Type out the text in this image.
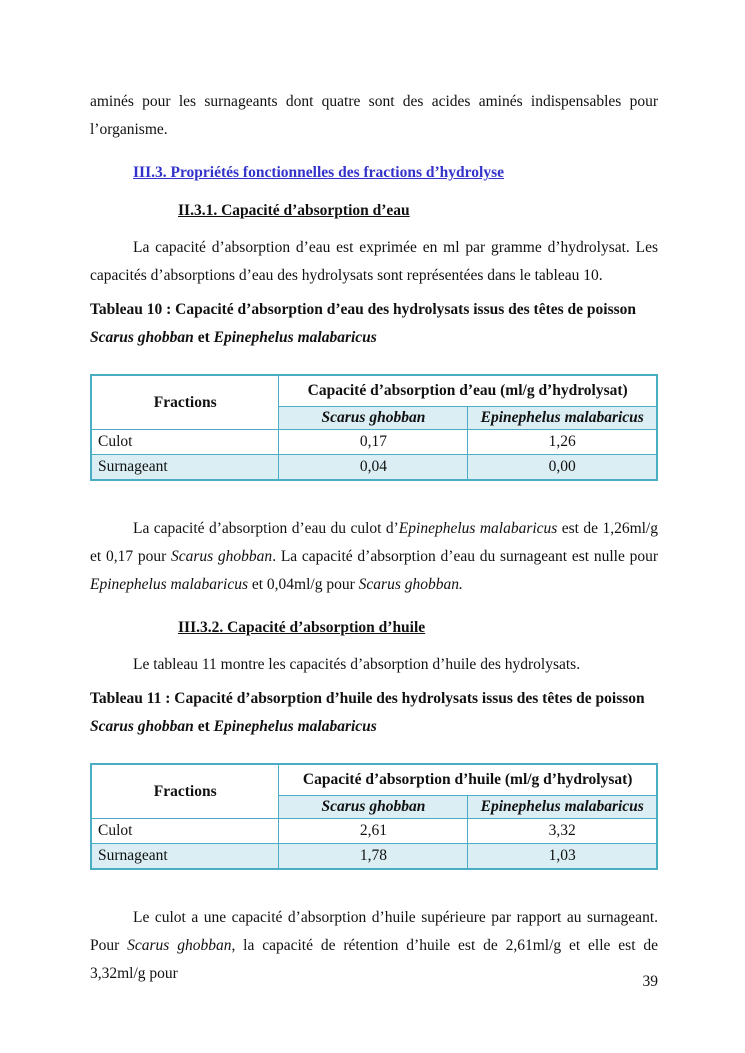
aminés pour les surnageants dont quatre sont des acides aminés indispensables pour l’organisme.

III.3. Propriétés fonctionnelles des fractions d’hydrolyse
II.3.1. Capacité d’absorption d’eau

La capacité d’absorption d’eau est exprimée en ml par gramme d’hydrolysat. Les capacités d’absorptions d’eau des hydrolysats sont représentées dans le tableau 10.

Tableau 10 : Capacité d’absorption d’eau des hydrolysats issus des têtes de poisson Scarus ghobban et Epinephelus malabaricus

Fractions	Capacité d’absorption d’eau (ml/g d’hydrolysat)	
	Scarus ghobban	Epinephelus malabaricus
Culot	0,17	1,26
Surnageant	0,04	0,00

La capacité d’absorption d’eau du culot d’Epinephelus malabaricus est de 1,26ml/g et 0,17 pour Scarus ghobban. La capacité d’absorption d’eau du surnageant est nulle pour Epinephelus malabaricus et 0,04ml/g pour Scarus ghobban.

III.3.2. Capacité d’absorption d’huile

Le tableau 11 montre les capacités d’absorption d’huile des hydrolysats.

Tableau 11 : Capacité d’absorption d’huile des hydrolysats issus des têtes de poisson Scarus ghobban et Epinephelus malabaricus

Fractions	Capacité d’absorption d’huile (ml/g d’hydrolysat)	
	Scarus ghobban	Epinephelus malabaricus
Culot	2,61	3,32
Surnageant	1,78	1,03

Le culot a une capacité d’absorption d’huile supérieure par rapport au surnageant. Pour Scarus ghobban, la capacité de rétention d’huile est de 2,61ml/g et elle est de 3,32ml/g pour	39
